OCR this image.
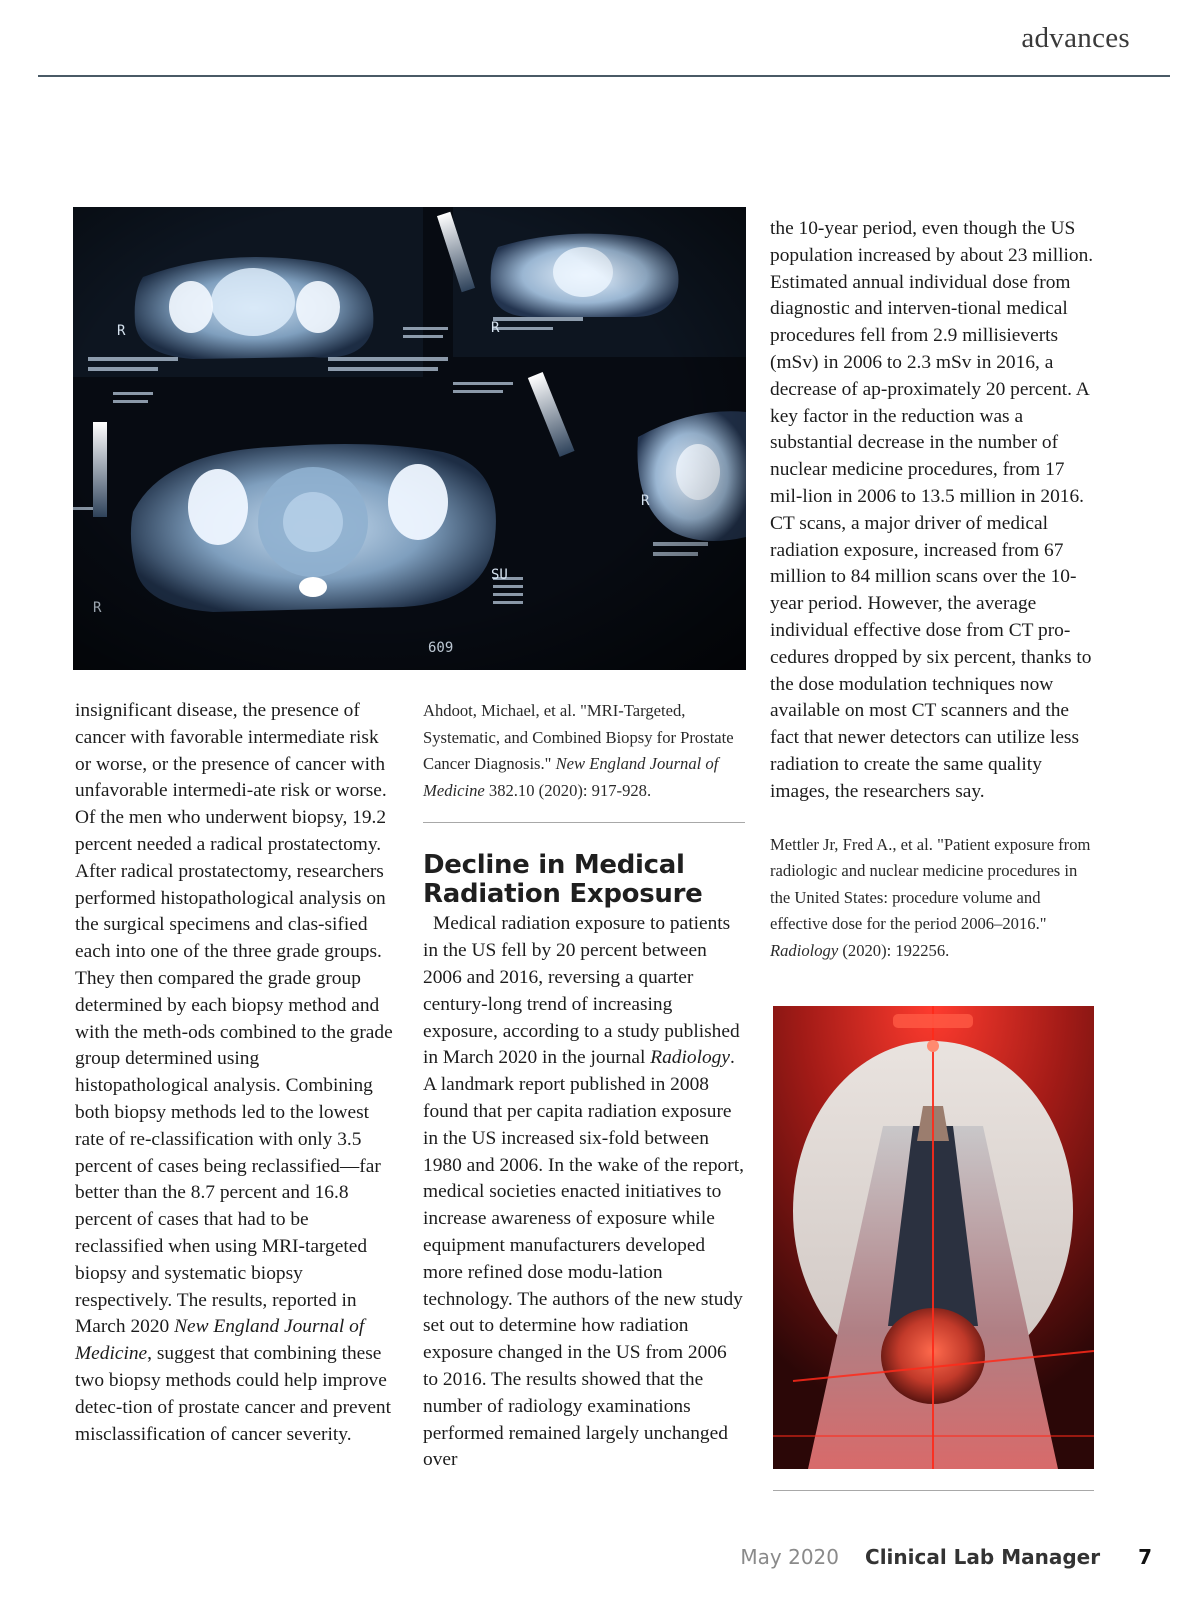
advances

insignificant disease, the presence of cancer with favorable intermediate risk or worse, or the presence of cancer with unfavorable intermedi-ate risk or worse. Of the men who underwent biopsy, 19.2 percent needed a radical prostatectomy. After radical prostatectomy, researchers performed histopathological analysis on the surgical specimens and clas-sified each into one of the three grade groups. They then compared the grade group determined by each biopsy method and with the meth-ods combined to the grade group determined using histopathological analysis. Combining both biopsy methods led to the lowest rate of re-classification with only 3.5 percent of cases being reclassified—far better than the 8.7 percent and 16.8 percent of cases that had to be reclassified when using MRI-targeted biopsy and systematic biopsy respectively. The results, reported in March 2020 New England Journal of Medicine, suggest that combining these two biopsy methods could help improve detec-tion of prostate cancer and prevent misclassification of cancer severity.

Ahdoot, Michael, et al. "MRI-Targeted, Systematic, and Combined Biopsy for Prostate Cancer Diagnosis." New England Journal of Medicine 382.10 (2020): 917-928.

Decline in Medical Radiation Exposure

Medical radiation exposure to patients in the US fell by 20 percent between 2006 and 2016, reversing a quarter century-long trend of increasing exposure, according to a study published in March 2020 in the journal Radiology. A landmark report published in 2008 found that per capita radiation exposure in the US increased six-fold between 1980 and 2006. In the wake of the report, medical societies enacted initiatives to increase awareness of exposure while equipment manufacturers developed more refined dose modu-lation technology. The authors of the new study set out to determine how radiation exposure changed in the US from 2006 to 2016. The results showed that the number of radiology examinations performed remained largely unchanged over

the 10-year period, even though the US population increased by about 23 million. Estimated annual individual dose from diagnostic and interven-tional medical procedures fell from 2.9 millisieverts (mSv) in 2006 to 2.3 mSv in 2016, a decrease of ap-proximately 20 percent. A key factor in the reduction was a substantial decrease in the number of nuclear medicine procedures, from 17 mil-lion in 2006 to 13.5 million in 2016. CT scans, a major driver of medical radiation exposure, increased from 67 million to 84 million scans over the 10-year period. However, the average individual effective dose from CT pro-cedures dropped by six percent, thanks to the dose modulation techniques now available on most CT scanners and the fact that newer detectors can utilize less radiation to create the same quality images, the researchers say.

Mettler Jr, Fred A., et al. "Patient exposure from radiologic and nuclear medicine procedures in the United States: procedure volume and effective dose for the period 2006–2016." Radiology (2020): 192256.

May 2020 Clinical Lab Manager 7
